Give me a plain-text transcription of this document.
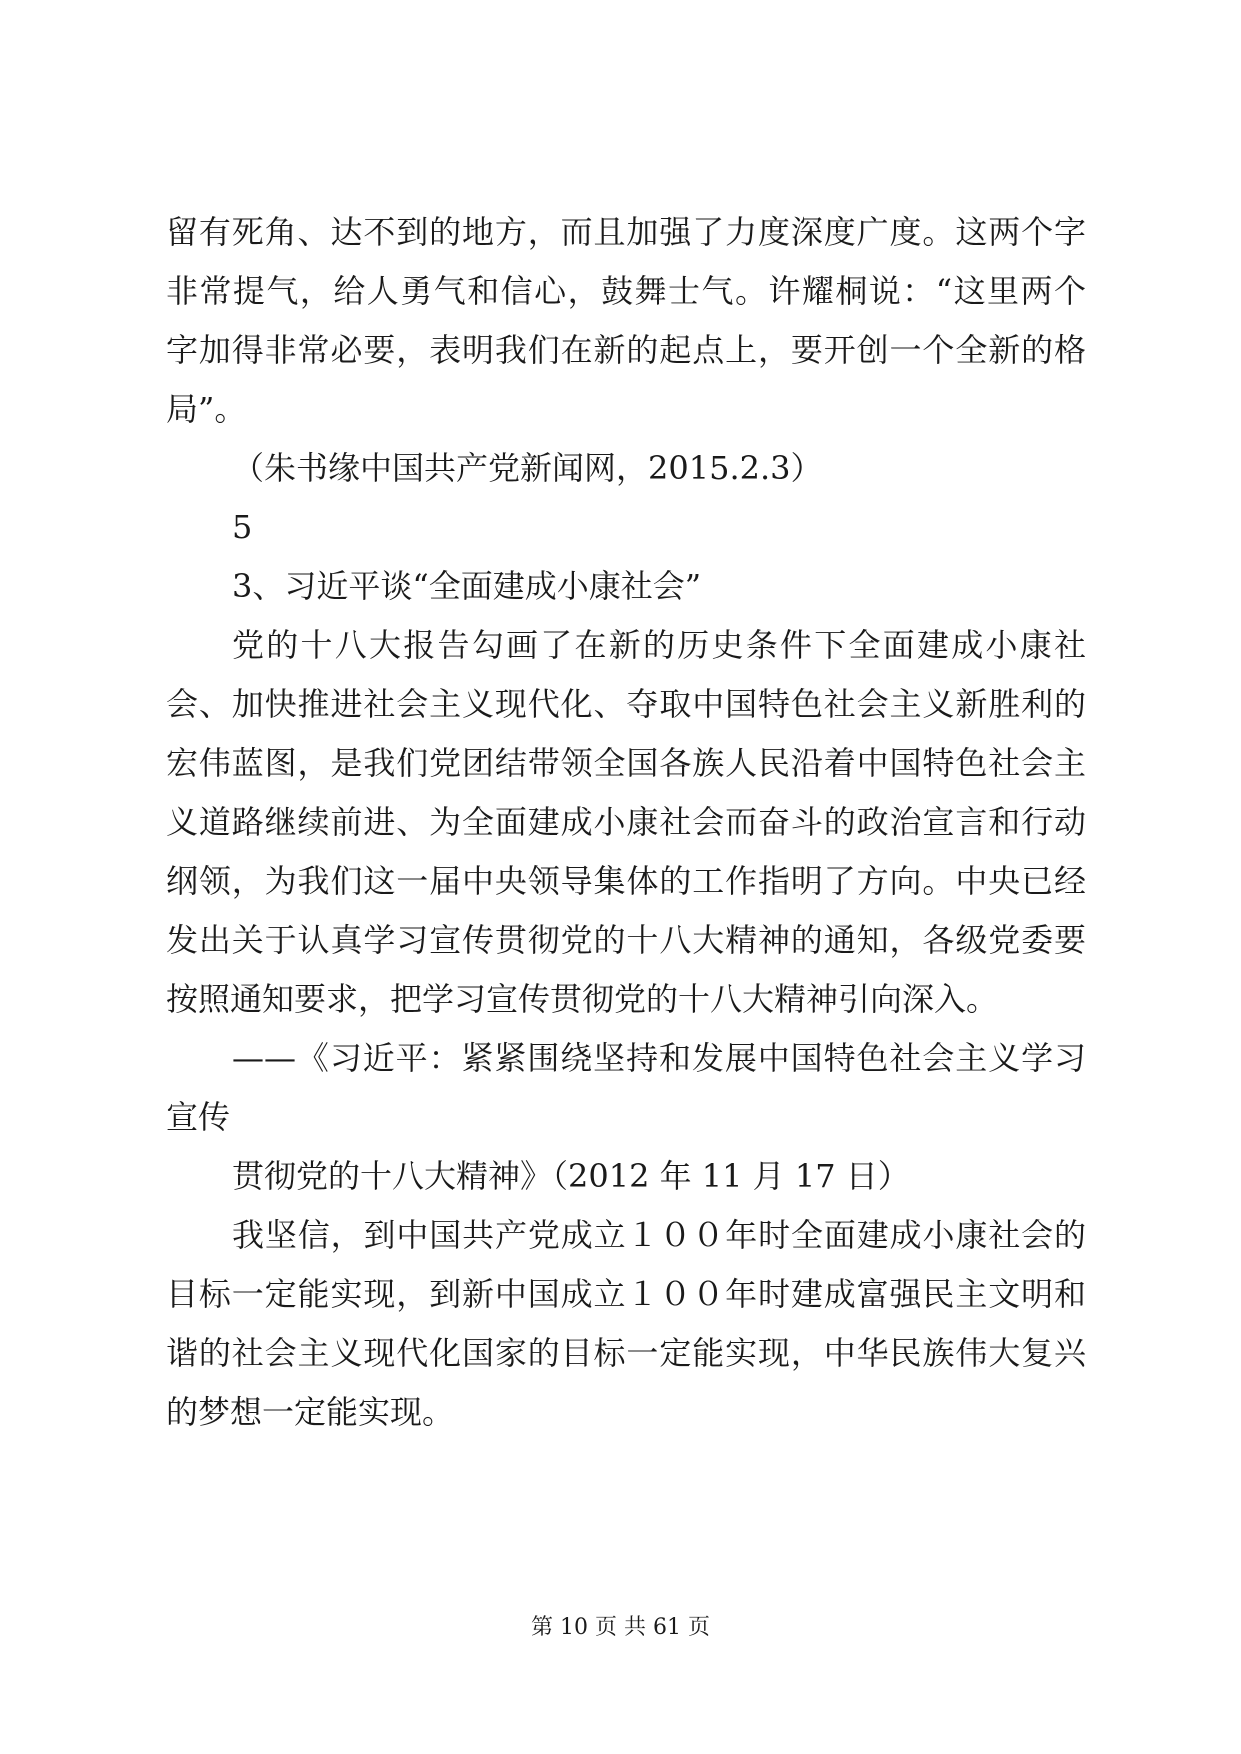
留有死角、达不到的地方，而且加强了力度深度广度。这两个字
非常提气，给人勇气和信心，鼓舞士气。许耀桐说：“这里两个
字加得非常必要，表明我们在新的起点上，要开创一个全新的格
局”。
（朱书缘中国共产党新闻网，2015.2.3）
5
3、习近平谈“全面建成小康社会”
党的十八大报告勾画了在新的历史条件下全面建成小康社
会、加快推进社会主义现代化、夺取中国特色社会主义新胜利的
宏伟蓝图，是我们党团结带领全国各族人民沿着中国特色社会主
义道路继续前进、为全面建成小康社会而奋斗的政治宣言和行动
纲领，为我们这一届中央领导集体的工作指明了方向。中央已经
发出关于认真学习宣传贯彻党的十八大精神的通知，各级党委要
按照通知要求，把学习宣传贯彻党的十八大精神引向深入。
——《习近平：紧紧围绕坚持和发展中国特色社会主义学习
宣传
贯彻党的十八大精神》（2012 年 11 月 17 日）
我坚信，到中国共产党成立１００年时全面建成小康社会的
目标一定能实现，到新中国成立１００年时建成富强民主文明和
谐的社会主义现代化国家的目标一定能实现，中华民族伟大复兴
的梦想一定能实现。
第 10 页 共 61 页
